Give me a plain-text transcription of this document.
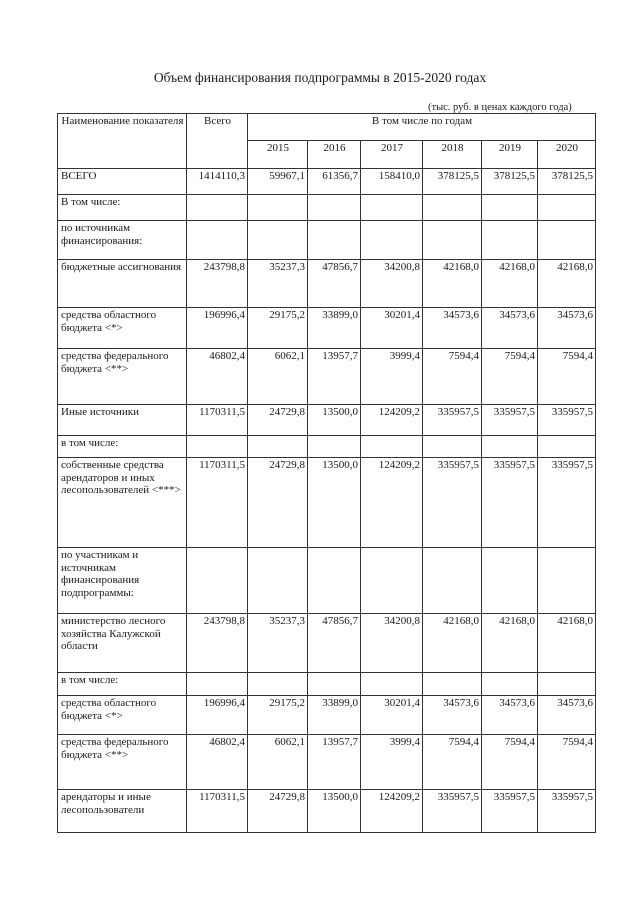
Объем финансирования подпрограммы в 2015-2020 годах
(тыс. руб. в ценах каждого года)
Наименование показателя	Всего	В том числе по годам					
		2015	2016	2017	2018	2019	2020
ВСЕГО	1414110,3	59967,1	61356,7	158410,0	378125,5	378125,5	378125,5
В том числе:							
по источникам финансирования:							
бюджетные ассигнования	243798,8	35237,3	47856,7	34200,8	42168,0	42168,0	42168,0
средства областного бюджета <*>	196996,4	29175,2	33899,0	30201,4	34573,6	34573,6	34573,6
средства федерального бюджета <**>	46802,4	6062,1	13957,7	3999,4	7594,4	7594,4	7594,4
Иные источники	1170311,5	24729,8	13500,0	124209,2	335957,5	335957,5	335957,5
в том числе:							
собственные средства арендаторов и иных лесопользователей <***>	1170311,5	24729,8	13500,0	124209,2	335957,5	335957,5	335957,5
по участникам и источникам финансирования подпрограммы:							
министерство лесного хозяйства Калужской области	243798,8	35237,3	47856,7	34200,8	42168,0	42168,0	42168,0
в том числе:							
средства областного бюджета <*>	196996,4	29175,2	33899,0	30201,4	34573,6	34573,6	34573,6
средства федерального бюджета <**>	46802,4	6062,1	13957,7	3999,4	7594,4	7594,4	7594,4
арендаторы и иные лесопользователи	1170311,5	24729,8	13500,0	124209,2	335957,5	335957,5	335957,5
